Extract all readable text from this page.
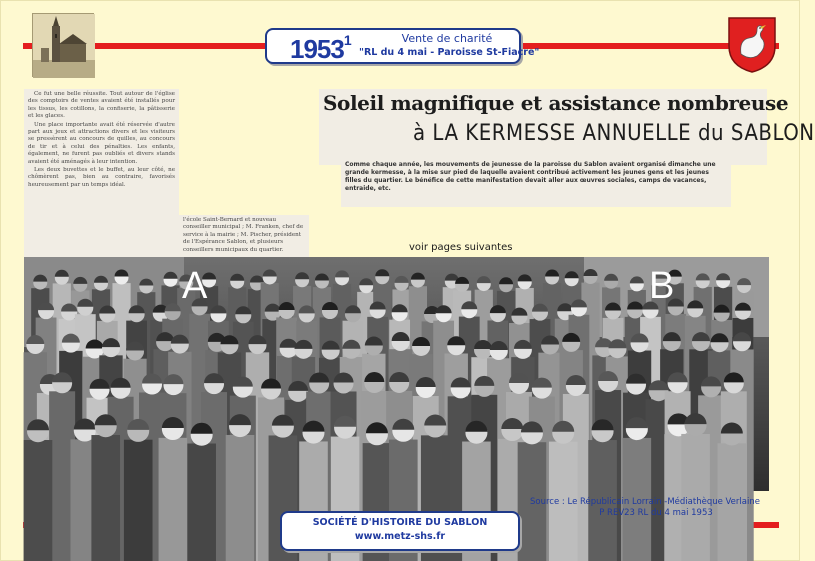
1953$^1$	Vente de charité
"RL du 4 mai - Paroisse St-Fiacre"

Ce fut une belle réussite. Tout autour de l'église des comptoirs de ventes avaient été installés pour les tissus, les cotillons, la confiserie, la pâtisserie et les glaces.

Une place importante avait été réservée d'autre part aux jeux et attractions divers et les visiteurs se pressèrent au concours de quilles, au concours de tir et à celui des pénalties. Les enfants, également, ne furent pas oubliés et divers stands avaient été aménagés à leur intention.

Les deux buvettes et le buffet, au leur côté, ne chômèrent pas, bien au contraire, favorisés heureusement par un temps idéal.

Soleil magnifique et assistance nombreuse
à LA KERMESSE ANNUELLE du SABLON
Comme chaque année, les mouvements de jeunesse de la paroisse du Sablon avaient organisé dimanche une grande kermesse, à la mise sur pied de laquelle avaient contribué activement les jeunes gens et les jeunes filles du quartier. Le bénéfice de cette manifestation devait aller aux œuvres sociales, camps de vacances, entraide, etc.
l'école Saint-Bernard et nouveau conseiller municipal ; M. Franken, chef de service à la mairie ; M. Pischer, président de l'Espérance Sablon, et plusieurs conseillers municipaux du quartier.	voir pages suivantes
A	B
Source : Le Républicain Lorrain -Médiathèque Verlaine
P REV23 RL du 4 mai 1953
SOCIÉTÉ D'HISTOIRE DU SABLON
www.metz-shs.fr
